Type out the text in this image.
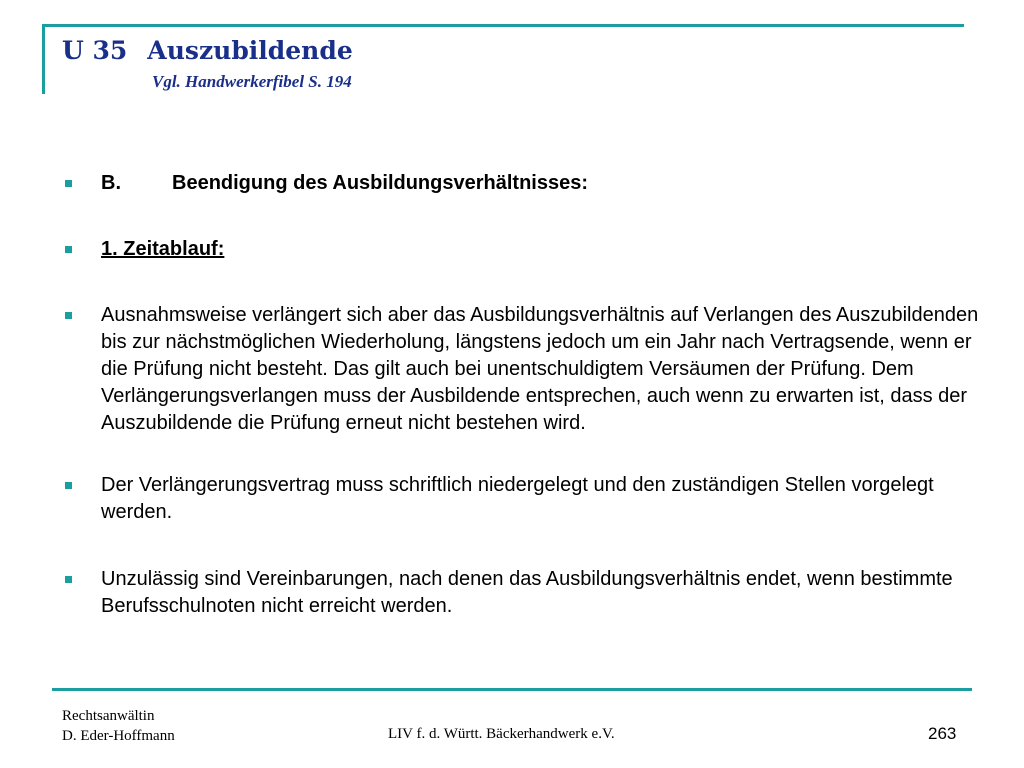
U 35 Auszubildende
Vgl. Handwerkerfibel S. 194
B.	Beendigung des Ausbildungsverhältnisses:
1. Zeitablauf:
Ausnahmsweise verlängert sich aber das Ausbildungsverhältnis auf Verlangen des Auszubildenden bis zur nächstmöglichen Wiederholung, längstens jedoch um ein Jahr nach Vertragsende, wenn er die Prüfung nicht besteht. Das gilt auch bei unentschuldigtem Versäumen der Prüfung. Dem Verlängerungsverlangen muss der Ausbildende entsprechen, auch wenn zu erwarten ist, dass der Auszubildende die Prüfung erneut nicht bestehen wird.
Der Verlängerungsvertrag muss schriftlich niedergelegt und den zuständigen Stellen vorgelegt werden.
Unzulässig sind Vereinbarungen, nach denen das Ausbildungsverhältnis endet, wenn bestimmte Berufsschulnoten nicht erreicht werden.
Rechtsanwältin
D. Eder-Hoffmann	LIV f. d. Württ. Bäckerhandwerk e.V.	263
